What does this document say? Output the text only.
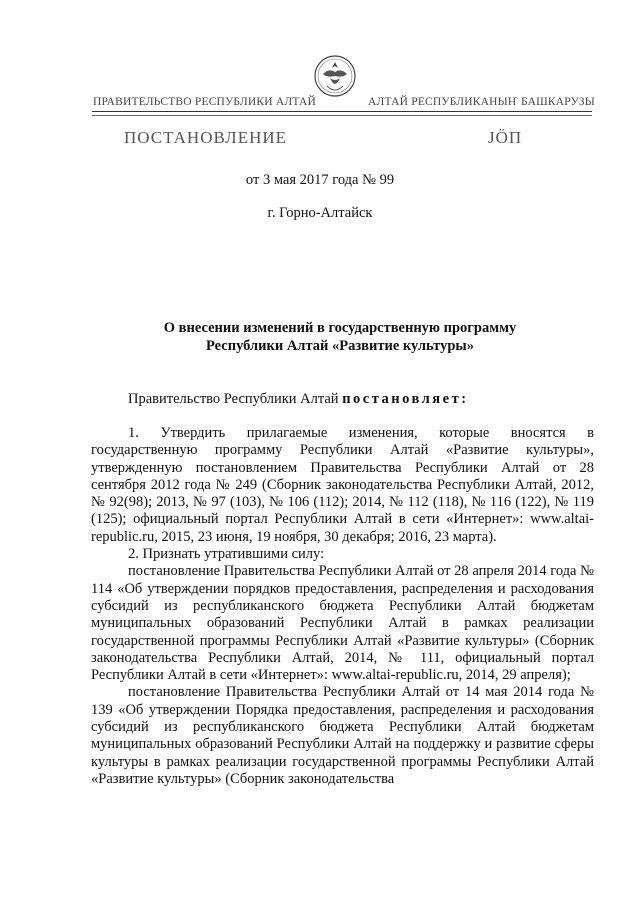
ПРАВИТЕЛЬСТВО РЕСПУБЛИКИ АЛТАЙ	АЛТАЙ РЕСПУБЛИКАНЫҤ БАШКАРУЗЫ
ПОСТАНОВЛЕНИЕ	ЈӦП
от 3 мая 2017 года № 99
г. Горно-Алтайск
О внесении изменений в государственную программу
Республики Алтай «Развитие культуры»
Правительство Республики Алтай постановляет:

1. Утвердить прилагаемые изменения, которые вносятся в государственную программу Республики Алтай «Развитие культуры», утвержденную постановлением Правительства Республики Алтай от 28 сентября 2012 года № 249 (Сборник законодательства Республики Алтай, 2012, № 92(98); 2013, № 97 (103), № 106 (112); 2014, № 112 (118), № 116 (122), № 119 (125); официальный портал Республики Алтай в сети «Интернет»: www.altai-republic.ru, 2015, 23 июня, 19 ноября, 30 декабря; 2016, 23 марта).

2. Признать утратившими силу:

постановление Правительства Республики Алтай от 28 апреля 2014 года № 114 «Об утверждении порядков предоставления, распределения и расходования субсидий из республиканского бюджета Республики Алтай бюджетам муниципальных образований Республики Алтай в рамках реализации государственной программы Республики Алтай «Развитие культуры» (Сборник законодательства Республики Алтай, 2014, № 111, официальный портал Республики Алтай в сети «Интернет»: www.altai-republic.ru, 2014, 29 апреля);

постановление Правительства Республики Алтай от 14 мая 2014 года № 139 «Об утверждении Порядка предоставления, распределения и расходования субсидий из республиканского бюджета Республики Алтай бюджетам муниципальных образований Республики Алтай на поддержку и развитие сферы культуры в рамках реализации государственной программы Республики Алтай «Развитие культуры» (Сборник законодательства
